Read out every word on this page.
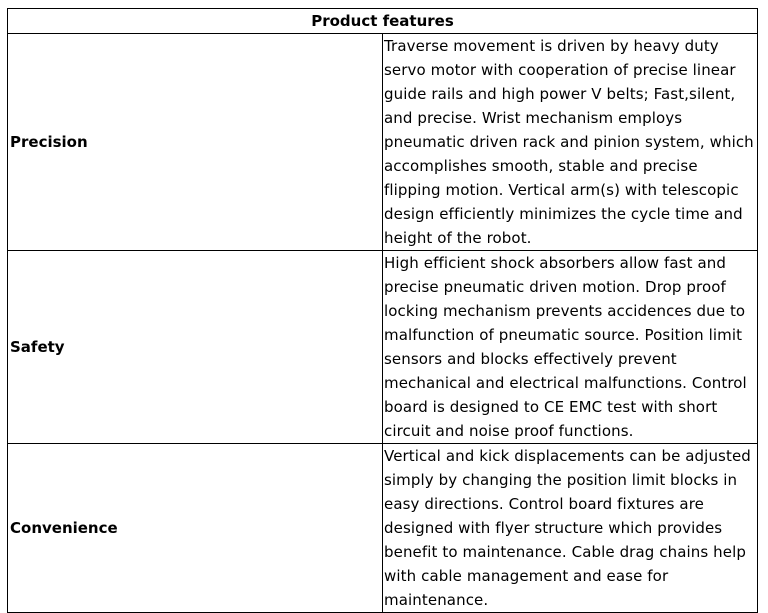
Product features	
Precision	Traverse movement is driven by heavy duty servo motor with cooperation of precise linear guide rails and high power V belts; Fast,silent, and precise. Wrist mechanism employs pneumatic driven rack and pinion system, which accomplishes smooth, stable and precise flipping motion. Vertical arm(s) with telescopic design efficiently minimizes the cycle time and height of the robot.
Safety	High efficient shock absorbers allow fast and precise pneumatic driven motion. Drop proof locking mechanism prevents accidences due to malfunction of pneumatic source. Position limit sensors and blocks effectively prevent mechanical and electrical malfunctions. Control board is designed to CE EMC test with short circuit and noise proof functions.
Convenience	Vertical and kick displacements can be adjusted simply by changing the position limit blocks in easy directions. Control board fixtures are designed with flyer structure which provides benefit to maintenance. Cable drag chains help with cable management and ease for maintenance.
